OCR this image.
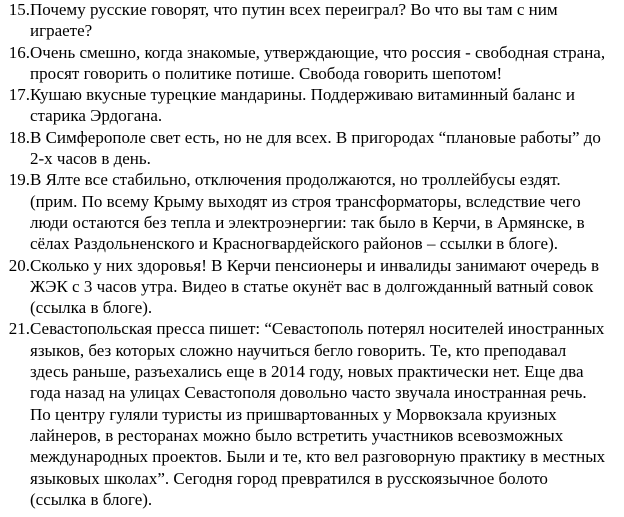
15. Почему русские говорят, что путин всех переиграл? Во что вы там с ним
играете?
16. Очень смешно, когда знакомые, утверждающие, что россия - свободная страна,
просят говорить о политике потише. Свобода говорить шепотом!
17. Кушаю вкусные турецкие мандарины. Поддерживаю витаминный баланс и
старика Эрдогана.
18. В Симферополе свет есть, но не для всех. В пригородах “плановые работы” до
2-х часов в день.
19. В Ялте все стабильно, отключения продолжаются, но троллейбусы ездят.
(прим. По всему Крыму выходят из строя трансформаторы, вследствие чего
люди остаются без тепла и электроэнергии: так было в Керчи, в Армянске, в
сёлах Раздольненского и Красногвардейского районов – ссылки в блоге).
20. Сколько у них здоровья! В Керчи пенсионеры и инвалиды занимают очередь в
ЖЭК с 3 часов утра. Видео в статье окунёт вас в долгожданный ватный совок
(ссылка в блоге).
21. Севастопольская пресса пишет: “Севастополь потерял носителей иностранных
языков, без которых сложно научиться бегло говорить. Те, кто преподавал
здесь раньше, разъехались еще в 2014 году, новых практически нет. Еще два
года назад на улицах Севастополя довольно часто звучала иностранная речь.
По центру гуляли туристы из пришвартованных у Морвокзала круизных
лайнеров, в ресторанах можно было встретить участников всевозможных
международных проектов. Были и те, кто вел разговорную практику в местных
языковых школах”. Сегодня город превратился в русскоязычное болото
(ссылка в блоге).
